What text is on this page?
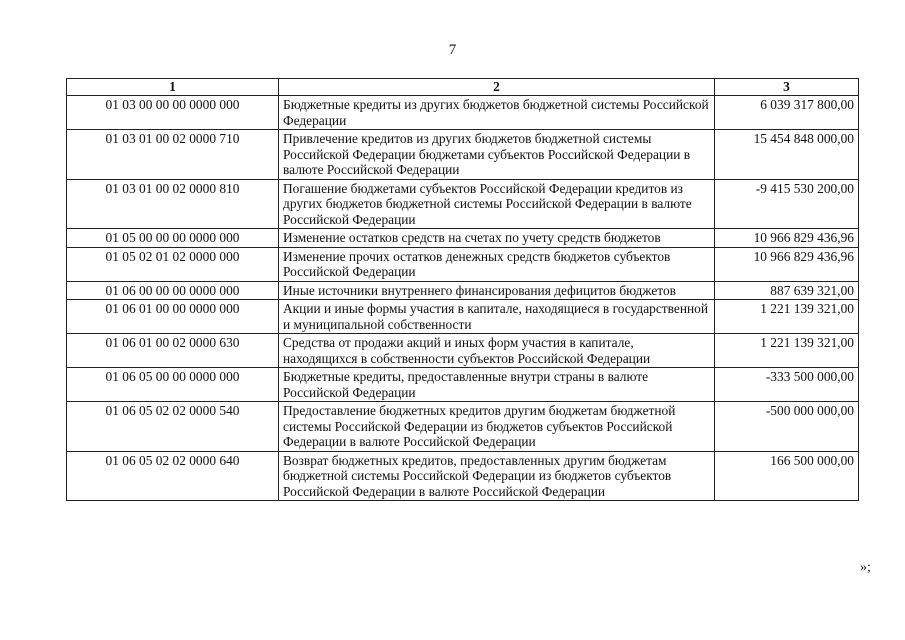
7
1	2	3
01 03 00 00 00 0000 000	Бюджетные кредиты из других бюджетов бюджетной системы Российской Федерации	6 039 317 800,00
01 03 01 00 02 0000 710	Привлечение кредитов из других бюджетов бюджетной системы Российской Федерации бюджетами субъектов Российской Федерации в валюте Российской Федерации	15 454 848 000,00
01 03 01 00 02 0000 810	Погашение бюджетами субъектов Российской Федерации кредитов из других бюджетов бюджетной системы Российской Федерации в валюте Российской Федерации	-9 415 530 200,00
01 05 00 00 00 0000 000	Изменение остатков средств на счетах по учету средств бюджетов	10 966 829 436,96
01 05 02 01 02 0000 000	Изменение прочих остатков денежных средств бюджетов субъектов Российской Федерации	10 966 829 436,96
01 06 00 00 00 0000 000	Иные источники внутреннего финансирования дефицитов бюджетов	887 639 321,00
01 06 01 00 00 0000 000	Акции и иные формы участия в капитале, находящиеся в государственной и муниципальной собственности	1 221 139 321,00
01 06 01 00 02 0000 630	Средства от продажи акций и иных форм участия в капитале, находящихся в собственности субъектов Российской Федерации	1 221 139 321,00
01 06 05 00 00 0000 000	Бюджетные кредиты, предоставленные внутри страны в валюте Российской Федерации	-333 500 000,00
01 06 05 02 02 0000 540	Предоставление бюджетных кредитов другим бюджетам бюджетной системы Российской Федерации из бюджетов субъектов Российской Федерации в валюте Российской Федерации	-500 000 000,00
01 06 05 02 02 0000 640	Возврат бюджетных кредитов, предоставленных другим бюджетам бюджетной системы Российской Федерации из бюджетов субъектов Российской Федерации в валюте Российской Федерации	166 500 000,00
»;
